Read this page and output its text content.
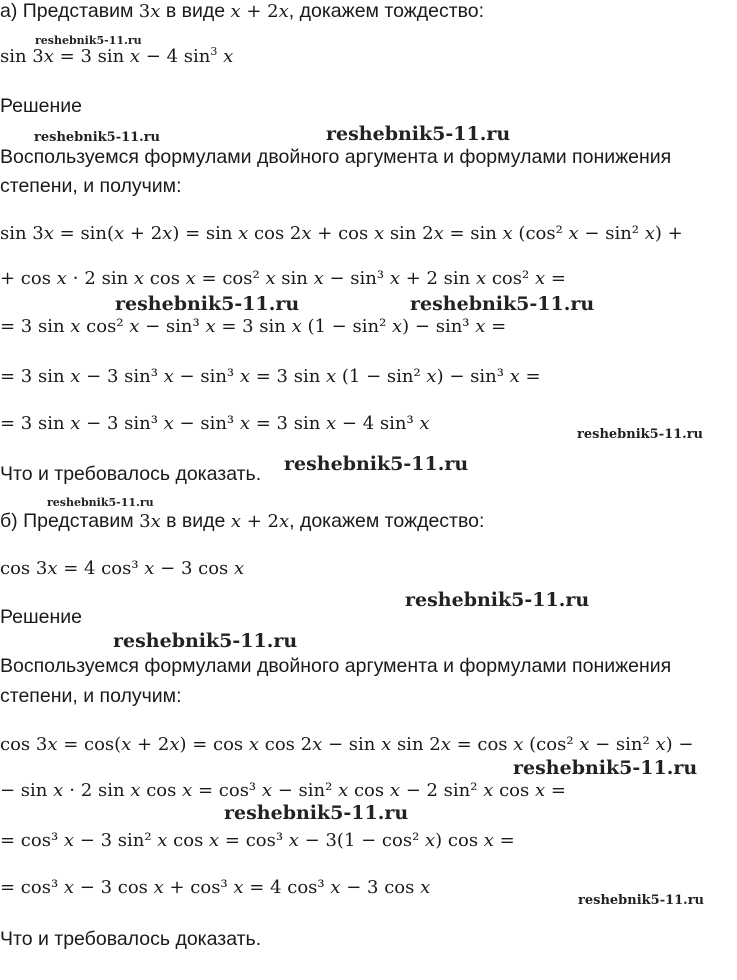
а) Представим 3𝑥 в виде 𝑥 + 2𝑥, докажем тождество:
sin 3𝑥 = 3 sin 𝑥 − 4 $\sin^3$ 𝑥
Решение
Воспользуемся формулами двойного аргумента и формулами понижения
степени, и получим:
sin 3𝑥 = sin(𝑥 + 2𝑥) = sin 𝑥 cos 2𝑥 + cos 𝑥 sin 2𝑥 = sin 𝑥 (cos² 𝑥 − sin² 𝑥) +
+ cos 𝑥 ⋅ 2 sin 𝑥 cos 𝑥 = cos² 𝑥 sin 𝑥 − sin³ 𝑥 + 2 sin 𝑥 cos² 𝑥 =
= 3 sin 𝑥 cos² 𝑥 − sin³ 𝑥 = 3 sin 𝑥 (1 − sin² 𝑥) − sin³ 𝑥 =
= 3 sin 𝑥 − 3 sin³ 𝑥 − sin³ 𝑥 = 3 sin 𝑥 (1 − sin² 𝑥) − sin³ 𝑥 =
= 3 sin 𝑥 − 3 sin³ 𝑥 − sin³ 𝑥 = 3 sin 𝑥 − 4 sin³ 𝑥
Что и требовалось доказать.
б) Представим 3𝑥 в виде 𝑥 + 2𝑥, докажем тождество:
cos 3𝑥 = 4 cos³ 𝑥 − 3 cos 𝑥
Решение
Воспользуемся формулами двойного аргумента и формулами понижения
степени, и получим:
cos 3𝑥 = cos(𝑥 + 2𝑥) = cos 𝑥 cos 2𝑥 − sin 𝑥 sin 2𝑥 = cos 𝑥 (cos² 𝑥 − sin² 𝑥) −
− sin 𝑥 ⋅ 2 sin 𝑥 cos 𝑥 = cos³ 𝑥 − sin² 𝑥 cos 𝑥 − 2 sin² 𝑥 cos 𝑥 =
= cos³ 𝑥 − 3 sin² 𝑥 cos 𝑥 = cos³ 𝑥 − 3(1 − cos² 𝑥) cos 𝑥 =
= cos³ 𝑥 − 3 cos 𝑥 + cos³ 𝑥 = 4 cos³ 𝑥 − 3 cos 𝑥
Что и требовалось доказать.
reshebnik5-11.ru
reshebnik5-11.ru	reshebnik5-11.ru
reshebnik5-11.ru	reshebnik5-11.ru
reshebnik5-11.ru
reshebnik5-11.ru
reshebnik5-11.ru
reshebnik5-11.ru
reshebnik5-11.ru
reshebnik5-11.ru
reshebnik5-11.ru
reshebnik5-11.ru
